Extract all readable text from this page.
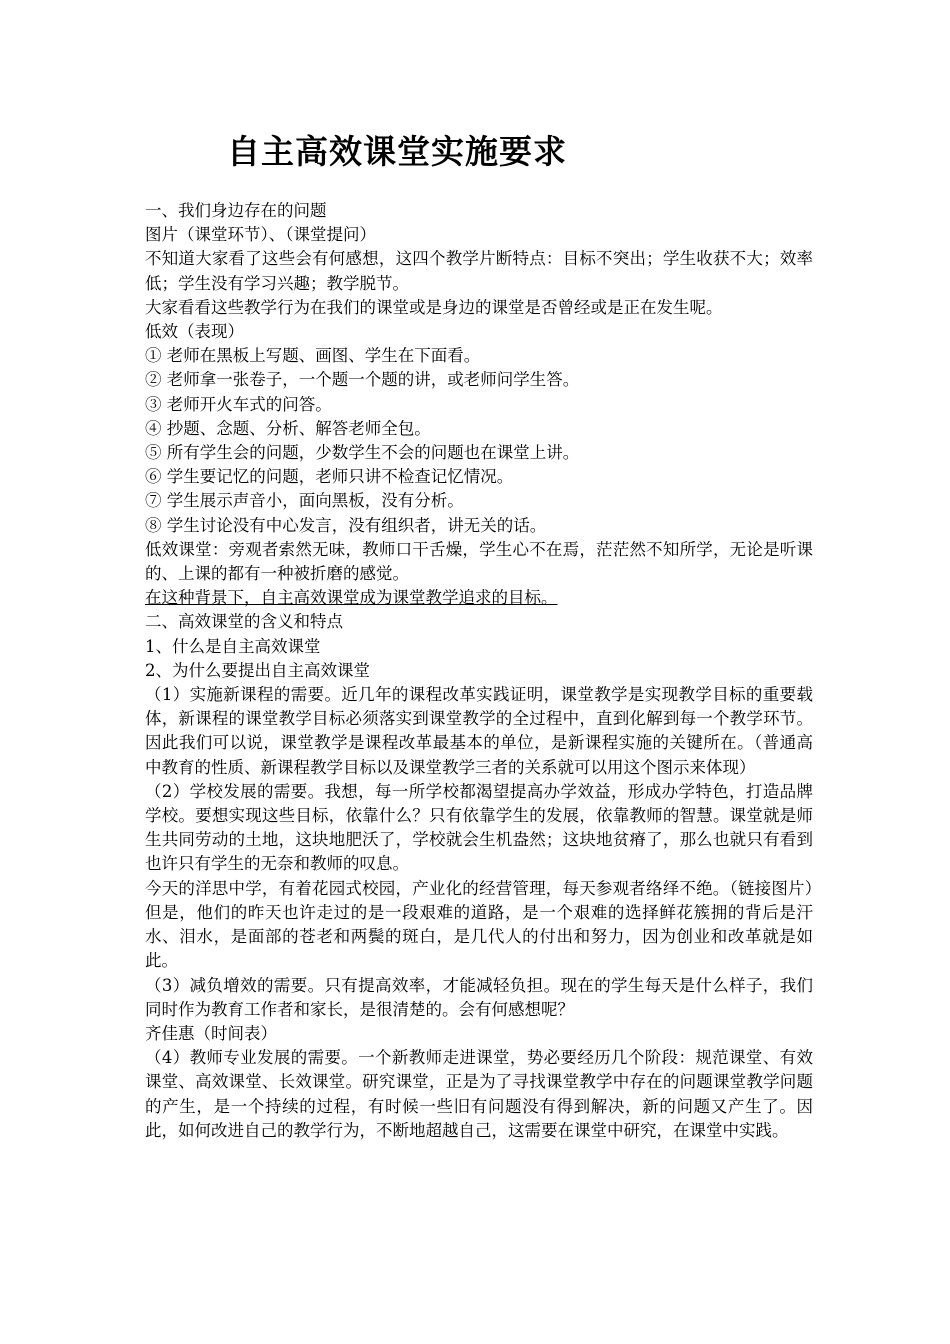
自主高效课堂实施要求

一、我们身边存在的问题

图片（课堂环节）、（课堂提问）

不知道大家看了这些会有何感想，这四个教学片断特点：目标不突出；学生收获不大；效率低；学生没有学习兴趣；教学脱节。

大家看看这些教学行为在我们的课堂或是身边的课堂是否曾经或是正在发生呢。

低效（表现）

① 老师在黑板上写题、画图、学生在下面看。

② 老师拿一张卷子，一个题一个题的讲，或老师问学生答。

③ 老师开火车式的问答。

④ 抄题、念题、分析、解答老师全包。

⑤ 所有学生会的问题，少数学生不会的问题也在课堂上讲。

⑥ 学生要记忆的问题，老师只讲不检查记忆情况。

⑦ 学生展示声音小，面向黑板，没有分析。

⑧ 学生讨论没有中心发言，没有组织者，讲无关的话。

低效课堂：旁观者索然无味，教师口干舌燥，学生心不在焉，茫茫然不知所学，无论是听课的、上课的都有一种被折磨的感觉。

在这种背景下，自主高效课堂成为课堂教学追求的目标。

二、高效课堂的含义和特点

1、什么是自主高效课堂

2、为什么要提出自主高效课堂

（1）实施新课程的需要。近几年的课程改革实践证明，课堂教学是实现教学目标的重要载体，新课程的课堂教学目标必须落实到课堂教学的全过程中，直到化解到每一个教学环节。因此我们可以说，课堂教学是课程改革最基本的单位，是新课程实施的关键所在。（普通高中教育的性质、新课程教学目标以及课堂教学三者的关系就可以用这个图示来体现）

（2）学校发展的需要。我想，每一所学校都渴望提高办学效益，形成办学特色，打造品牌学校。要想实现这些目标，依靠什么？只有依靠学生的发展，依靠教师的智慧。课堂就是师生共同劳动的土地，这块地肥沃了，学校就会生机盎然；这块地贫瘠了，那么也就只有看到也许只有学生的无奈和教师的叹息。

今天的洋思中学，有着花园式校园，产业化的经营管理，每天参观者络绎不绝。（链接图片）但是，他们的昨天也许走过的是一段艰难的道路，是一个艰难的选择鲜花簇拥的背后是汗水、泪水，是面部的苍老和两鬓的斑白，是几代人的付出和努力，因为创业和改革就是如此。

（3）减负增效的需要。只有提高效率，才能减轻负担。现在的学生每天是什么样子，我们同时作为教育工作者和家长，是很清楚的。会有何感想呢？

齐佳惠（时间表）

（4）教师专业发展的需要。一个新教师走进课堂，势必要经历几个阶段：规范课堂、有效课堂、高效课堂、长效课堂。研究课堂，正是为了寻找课堂教学中存在的问题课堂教学问题的产生，是一个持续的过程，有时候一些旧有问题没有得到解决，新的问题又产生了。因此，如何改进自己的教学行为，不断地超越自己，这需要在课堂中研究，在课堂中实践。
